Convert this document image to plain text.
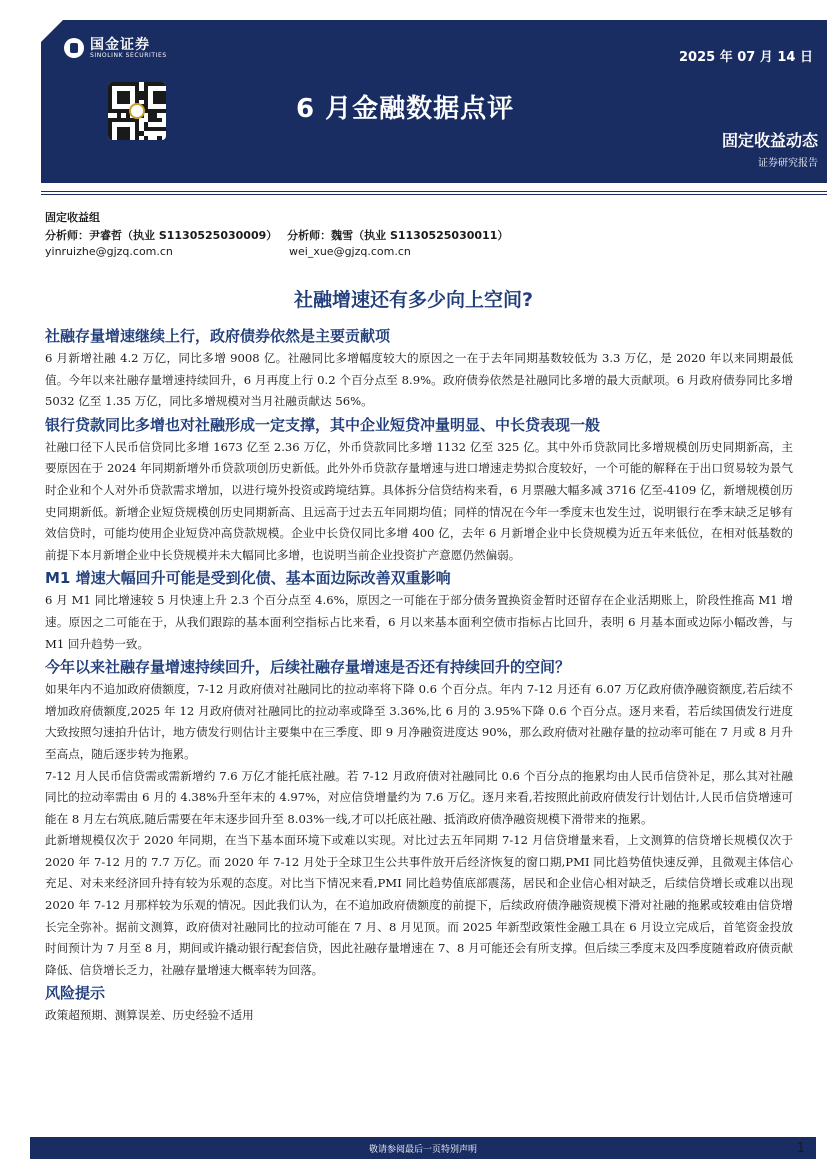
国金证券
SINOLINK SECURITIES	2025 年 07 月 14 日
6 月金融数据点评
固定收益动态
证券研究报告
固定收益组
分析师：尹睿哲（执业 S1130525030009） 分析师：魏雪（执业 S1130525030011）
yinruizhe@gjzq.com.cn	wei_xue@gjzq.com.cn
社融增速还有多少向上空间?
社融存量增速继续上行，政府债券依然是主要贡献项
6 月新增社融 4.2 万亿，同比多增 9008 亿。社融同比多增幅度较大的原因之一在于去年同期基数较低为 3.3 万亿，是 2020 年以来同期最低值。今年以来社融存量增速持续回升，6 月再度上行 0.2 个百分点至 8.9%。政府债券依然是社融同比多增的最大贡献项。6 月政府债券同比多增 5032 亿至 1.35 万亿，同比多增规模对当月社融贡献达 56%。
银行贷款同比多增也对社融形成一定支撑，其中企业短贷冲量明显、中长贷表现一般
社融口径下人民币信贷同比多增 1673 亿至 2.36 万亿，外币贷款同比多增 1132 亿至 325 亿。其中外币贷款同比多增规模创历史同期新高，主要原因在于 2024 年同期新增外币贷款项创历史新低。此外外币贷款存量增速与进口增速走势拟合度较好，一个可能的解释在于出口贸易较为景气时企业和个人对外币贷款需求增加，以进行境外投资或跨境结算。具体拆分信贷结构来看，6 月票融大幅多减 3716 亿至-4109 亿，新增规模创历史同期新低。新增企业短贷规模创历史同期新高、且远高于过去五年同期均值；同样的情况在今年一季度末也发生过，说明银行在季末缺乏足够有效信贷时，可能均使用企业短贷冲高贷款规模。企业中长贷仅同比多增 400 亿，去年 6 月新增企业中长贷规模为近五年来低位，在相对低基数的前提下本月新增企业中长贷规模并未大幅同比多增，也说明当前企业投资扩产意愿仍然偏弱。
M1 增速大幅回升可能是受到化债、基本面边际改善双重影响
6 月 M1 同比增速较 5 月快速上升 2.3 个百分点至 4.6%，原因之一可能在于部分债务置换资金暂时还留存在企业活期账上，阶段性推高 M1 增速。原因之二可能在于，从我们跟踪的基本面利空指标占比来看，6 月以来基本面利空债市指标占比回升，表明 6 月基本面或边际小幅改善，与 M1 回升趋势一致。
今年以来社融存量增速持续回升，后续社融存量增速是否还有持续回升的空间？
如果年内不追加政府债额度，7-12 月政府债对社融同比的拉动率将下降 0.6 个百分点。年内 7-12 月还有 6.07 万亿政府债净融资额度,若后续不增加政府债额度,2025 年 12 月政府债对社融同比的拉动率或降至 3.36%,比 6 月的 3.95%下降 0.6 个百分点。逐月来看，若后续国债发行进度大致按照匀速拍升估计，地方债发行则估计主要集中在三季度、即 9 月净融资进度达 90%，那么政府债对社融存量的拉动率可能在 7 月或 8 月升至高点，随后逐步转为拖累。
7-12 月人民币信贷需或需新增约 7.6 万亿才能托底社融。若 7-12 月政府债对社融同比 0.6 个百分点的拖累均由人民币信贷补足，那么其对社融同比的拉动率需由 6 月的 4.38%升至年末的 4.97%，对应信贷增量约为 7.6 万亿。逐月来看,若按照此前政府债发行计划估计,人民币信贷增速可能在 8 月左右筑底,随后需要在年末逐步回升至 8.03%一线,才可以托底社融、抵消政府债净融资规模下滑带来的拖累。
此新增规模仅次于 2020 年同期，在当下基本面环境下或难以实现。对比过去五年同期 7-12 月信贷增量来看，上文测算的信贷增长规模仅次于 2020 年 7-12 月的 7.7 万亿。而 2020 年 7-12 月处于全球卫生公共事件放开后经济恢复的窗口期,PMI 同比趋势值快速反弹，且微观主体信心充足、对未来经济回升持有较为乐观的态度。对比当下情况来看,PMI 同比趋势值底部震荡，居民和企业信心相对缺乏，后续信贷增长或难以出现 2020 年 7-12 月那样较为乐观的情况。因此我们认为，在不追加政府债额度的前提下，后续政府债净融资规模下滑对社融的拖累或较难由信贷增长完全弥补。据前文测算，政府债对社融同比的拉动可能在 7 月、8 月见顶。而 2025 年新型政策性金融工具在 6 月设立完成后，首笔资金投放时间预计为 7 月至 8 月，期间或许撬动银行配套信贷，因此社融存量增速在 7、8 月可能还会有所支撑。但后续三季度末及四季度随着政府债贡献降低、信贷增长乏力，社融存量增速大概率转为回落。
风险提示
政策超预期、测算误差、历史经验不适用
敬请参阅最后一页特别声明	1
